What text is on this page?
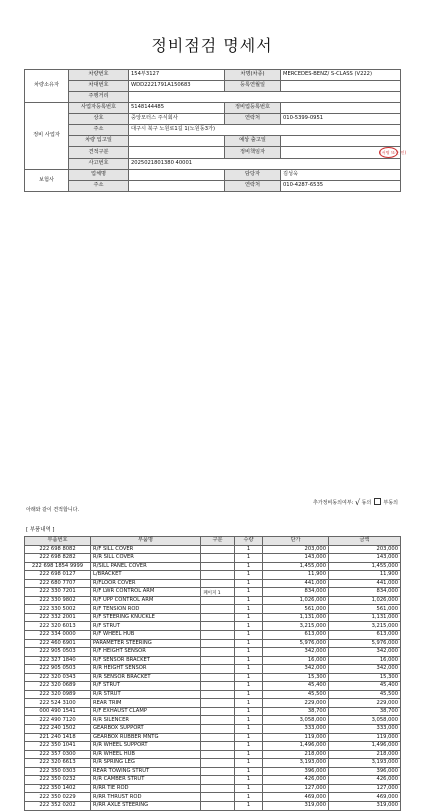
정비점검 명세서
차량소유자	차량번호	154부3127	차명(차종)	MERCEDES-BENZ/ S-CLASS (V222)
	차대번호	WDD2221791A150683	등록연월일	
	주행거리			
정비 사업자	사업자등록번호	5148144485	정비업등록번호	
	상호	중앙모터스 주식회사	연락처	010-5399-0951
	주소	대구시 북구 노원로1길 1(노원동3가)		
	차량 입고일		예상 출고일	
	견적구분		정비책임자	(서명 또는 인)
	사고번호	2025021801380 40001		
보험사	업체명		담당자	김성욱
	주소		연락처	010-4287-6535
추가정비동의여부: √ 동의 부동의
아래와 같이 견적합니다.
[ 부품내역 ]
부품번호	부품명	구분	수량	단가	금액
222 698 8082	R/F SILL COVER		1	203,000	203,000
222 698 8282	R/R SILL COVER		1	143,000	143,000
222 698 1854 9999	R/SILL PANEL COVER		1	1,455,000	1,455,000
222 698 0127	L/BRACKET		1	11,900	11,900
222 680 7707	R/FLOOR COVER		1	441,000	441,000
222 330 7201	R/F LWR CONTROL ARM		1	834,000	834,000
222 330 9802	R/F UPP CONTROL ARM		1	1,026,000	1,026,000
222 330 5002	R/F TENSION ROD		1	561,000	561,000
222 332 2001	R/F STEERING KNUCKLE		1	1,131,000	1,131,000
222 320 6013	R/F STRUT		1	3,215,000	3,215,000
222 334 0000	R/F WHEEL HUB		1	613,000	613,000
222 460 6901	PARAMETER STEERING		1	5,976,000	5,976,000
222 905 0503	R/F HEIGHT SENSOR		1	342,000	342,000
222 327 1840	R/F SENSOR BRACKET		1	16,000	16,000
222 905 0503	R/R HEIGHT SENSOR		1	342,000	342,000
222 320 0343	R/R SENSOR BRACKET		1	15,300	15,300
222 320 0689	R/F STRUT		1	45,400	45,400
222 320 0989	R/R STRUT		1	45,500	45,500
222 524 3100	REAR TRIM		1	229,000	229,000
000 490 1541	R/F EXHAUST CLAMP		1	38,700	38,700
222 490 7120	R/R SILENCER		1	3,058,000	3,058,000
222 240 1502	GEARBOX SUPPORT		1	333,000	333,000
221 240 1418	GEARBOX RUBBER MNTG		1	119,000	119,000
222 350 1041	R/R WHEEL SUPPORT		1	1,496,000	1,496,000
222 357 0300	R/R WHEEL HUB		1	218,000	218,000
222 320 6613	R/R SPRING LEG		1	3,193,000	3,193,000
222 350 0303	REAR TOWING STRUT		1	396,000	396,000
222 350 0232	R/R CAMBER STRUT		1	426,000	426,000
222 350 1402	R/RR TIE ROD		1	127,000	127,000
222 350 0229	R/RR THRUST ROD		1	469,000	469,000
222 352 0202	R/RR AXLE STEERING		1	319,000	319,000
페이지 1
